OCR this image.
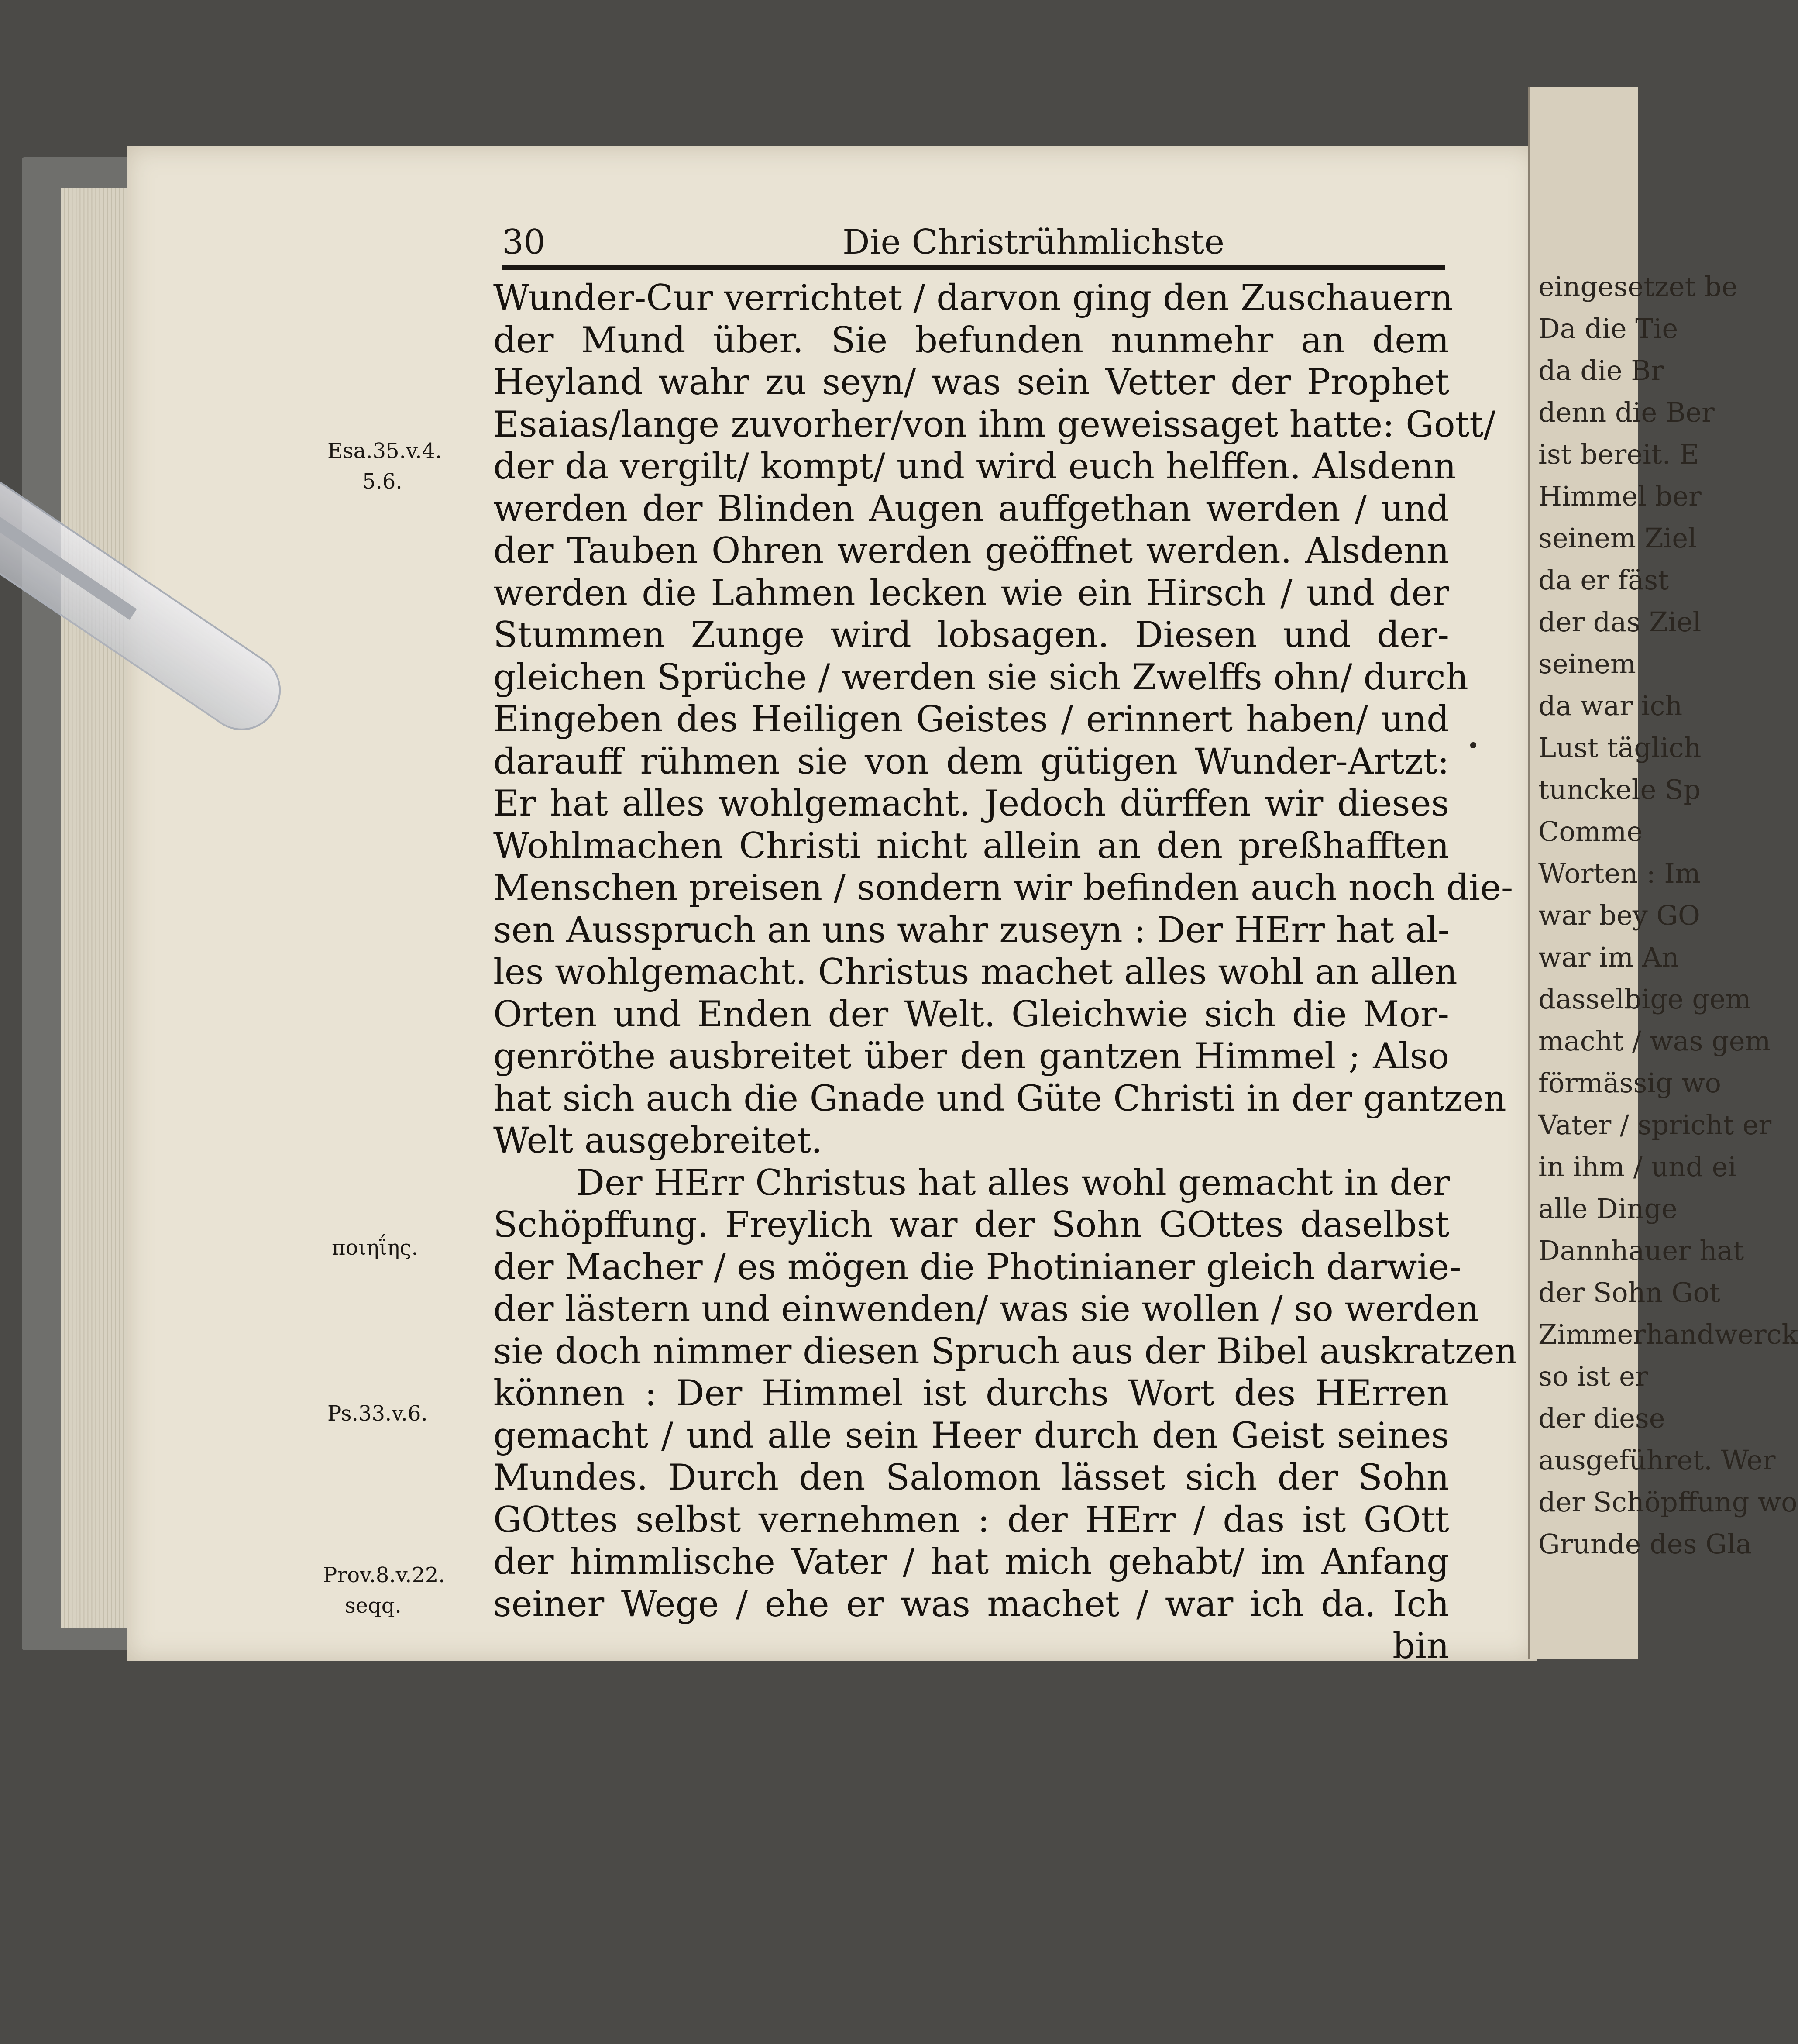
eingesetzet be
Da die Tie
da die Br
denn die Ber
ist bereit. E
Himmel ber
seinem Ziel
da er fäst
der das Ziel
seinem
da war ich
Lust täglich
tunckele Sp
Comme
Worten : Im
war bey GO
war im An
dasselbige gem
macht / was gem
förmässig wo
Vater / spricht er
in ihm / und ei
alle Dinge
Dannhauer hat
der Sohn Got
Zimmerhandwerck
so ist er
der diese
ausgeführet. Wer
der Schöpffung wo
Grunde des Gla
30	Die Christrühmlichste
Wunder-Cur verrichtet / darvon ging den Zuschauern
der Mund über. Sie befunden nunmehr an dem
Heyland wahr zu seyn/ was sein Vetter der Prophet
Esaias/lange zuvorher/von ihm geweissaget hatte: Gott/
der da vergilt/ kompt/ und wird euch helffen. Alsdenn
werden der Blinden Augen auffgethan werden / und
der Tauben Ohren werden geöffnet werden. Alsdenn
werden die Lahmen lecken wie ein Hirsch / und der
Stummen Zunge wird lobsagen. Diesen und der-
gleichen Sprüche / werden sie sich Zwelffs ohn/ durch
Eingeben des Heiligen Geistes / erinnert haben/ und
darauff rühmen sie von dem gütigen Wunder-Artzt:
Er hat alles wohlgemacht. Jedoch dürffen wir dieses
Wohlmachen Christi nicht allein an den preßhafften
Menschen preisen / sondern wir befinden auch noch die-
sen Ausspruch an uns wahr zuseyn : Der HErr hat al-
les wohlgemacht. Christus machet alles wohl an allen
Orten und Enden der Welt. Gleichwie sich die Mor-
genröthe ausbreitet über den gantzen Himmel ; Also
hat sich auch die Gnade und Güte Christi in der gantzen
Welt ausgebreitet.
Der HErr Christus hat alles wohl gemacht in der
Schöpffung. Freylich war der Sohn GOttes daselbst
der Macher / es mögen die Photinianer gleich darwie-
der lästern und einwenden/ was sie wollen / so werden
sie doch nimmer diesen Spruch aus der Bibel auskratzen
können : Der Himmel ist durchs Wort des HErren
gemacht / und alle sein Heer durch den Geist seines
Mundes. Durch den Salomon lässet sich der Sohn
GOttes selbst vernehmen : der HErr / das ist GOtt
der himmlische Vater / hat mich gehabt/ im Anfang
seiner Wege / ehe er was machet / war ich da. Ich
bin
Esa.35.v.4.
5.6.
ποιηΐης.
Ps.33.v.6.
Prov.8.v.22.
seqq.
